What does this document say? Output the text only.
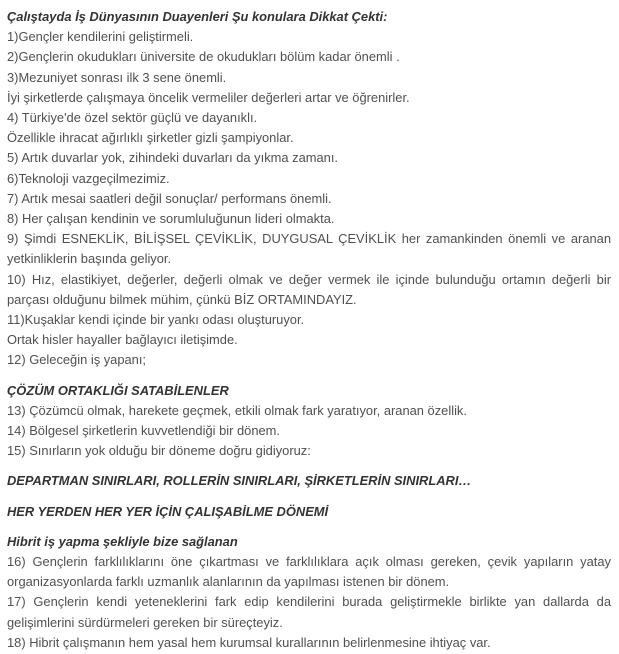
Çalıştayda İş Dünyasının Duayenleri Şu konulara Dikkat Çekti:
1)Gençler kendilerini geliştirmeli.
2)Gençlerin okudukları üniversite de okudukları bölüm kadar önemli .
3)Mezuniyet sonrası ilk 3 sene önemli.
İyi şirketlerde çalışmaya öncelik vermeliler değerleri artar ve öğrenirler.
4) Türkiye'de özel sektör güçlü ve dayanıklı.
Özellikle ihracat ağırlıklı şirketler gizli şampiyonlar.
5) Artık duvarlar yok, zihindeki duvarları da yıkma zamanı.
6)Teknoloji vazgeçilmezimiz.
7) Artık mesai saatleri değil sonuçlar/ performans önemli.
8) Her çalışan kendinin ve sorumluluğunun lideri olmakta.
9) Şimdi ESNEKLİK, BİLİŞSEL ÇEVİKLİK, DUYGUSAL ÇEVİKLİK her zamankinden önemli ve aranan yetkinliklerin başında geliyor.
10) Hız, elastikiyet, değerler, değerli olmak ve değer vermek ile içinde bulunduğu ortamın değerli bir parçası olduğunu bilmek mühim, çünkü BİZ ORTAMINDAYIZ.
11)Kuşaklar kendi içinde bir yankı odası oluşturuyor.
Ortak hisler hayaller bağlayıcı iletişimde.
12) Geleceğin iş yapanı;
ÇÖZÜM ORTAKLIĞI SATABİLENLER
13) Çözümcü olmak, harekete geçmek, etkili olmak fark yaratıyor, aranan özellik.
14) Bölgesel şirketlerin kuvvetlendiği bir dönem.
15) Sınırların yok olduğu bir döneme doğru gidiyoruz:
DEPARTMAN SINIRLARI, ROLLERİN SINIRLARI, ŞİRKETLERİN SINIRLARI…
HER YERDEN HER YER İÇİN ÇALIŞABİLME DÖNEMİ
Hibrit iş yapma şekliyle bize sağlanan
16) Gençlerin farklılıklarını öne çıkartması ve farklılıklara açık olması gereken, çevik yapıların yatay organizasyonlarda farklı uzmanlık alanlarının da yapılması istenen bir dönem.
17) Gençlerin kendi yeteneklerini fark edip kendilerini burada geliştirmekle birlikte yan dallarda da gelişimlerini sürdürmeleri gereken bir süreçteyiz.
18) Hibrit çalışmanın hem yasal hem kurumsal kurallarının belirlenmesine ihtiyaç var.
